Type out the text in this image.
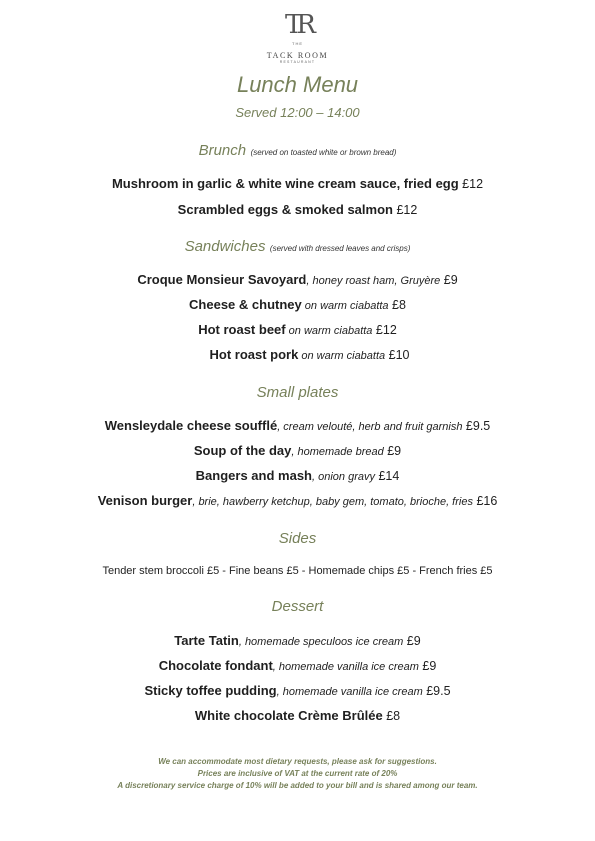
TR
THE
TACK ROOM
RESTAURANT
Lunch Menu
Served 12:00 – 14:00
Brunch (served on toasted white or brown bread)
Mushroom in garlic & white wine cream sauce, fried egg £12
Scrambled eggs & smoked salmon £12
Sandwiches (served with dressed leaves and crisps)
Croque Monsieur Savoyard, honey roast ham, Gruyère £9
Cheese & chutney on warm ciabatta £8
Hot roast beef on warm ciabatta £12
Hot roast pork on warm ciabatta £10
Small plates
Wensleydale cheese soufflé, cream velouté, herb and fruit garnish £9.5
Soup of the day, homemade bread £9
Bangers and mash, onion gravy £14
Venison burger, brie, hawberry ketchup, baby gem, tomato, brioche, fries £16
Sides
Tender stem broccoli £5 - Fine beans £5 - Homemade chips £5 - French fries £5
Dessert
Tarte Tatin, homemade speculoos ice cream £9
Chocolate fondant, homemade vanilla ice cream £9
Sticky toffee pudding, homemade vanilla ice cream £9.5
White chocolate Crème Brûlée £8
We can accommodate most dietary requests, please ask for suggestions.
Prices are inclusive of VAT at the current rate of 20%
A discretionary service charge of 10% will be added to your bill and is shared among our team.
